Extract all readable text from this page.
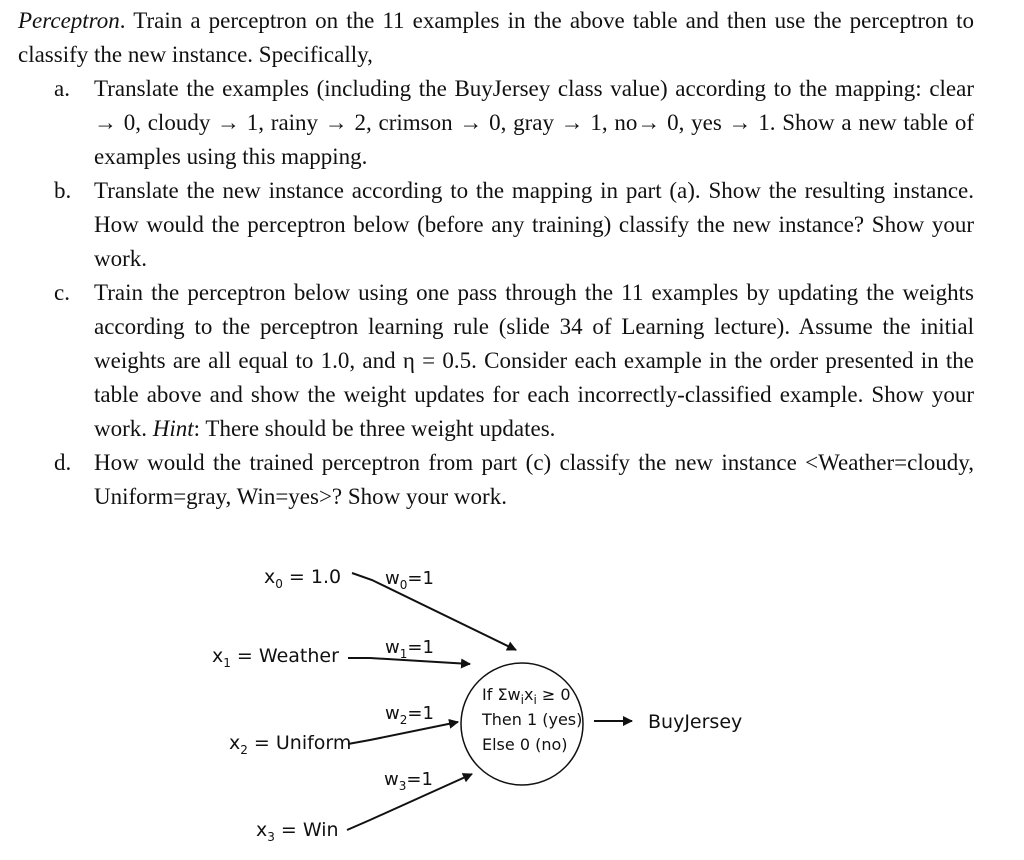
Perceptron. Train a perceptron on the 11 examples in the above table and then use the perceptron to classify the new instance. Specifically,

a. Translate the examples (including the BuyJersey class value) according to the mapping: clear → 0, cloudy → 1, rainy → 2, crimson → 0, gray → 1, no→ 0, yes → 1. Show a new table of examples using this mapping.
b. Translate the new instance according to the mapping in part (a). Show the resulting instance. How would the perceptron below (before any training) classify the new instance? Show your work.
c. Train the perceptron below using one pass through the 11 examples by updating the weights according to the perceptron learning rule (slide 34 of Learning lecture). Assume the initial weights are all equal to 1.0, and η = 0.5. Consider each example in the order presented in the table above and show the weight updates for each incorrectly-classified example. Show your work. Hint: There should be three weight updates.
d. How would the trained perceptron from part (c) classify the new instance <Weather=cloudy, Uniform=gray, Win=yes>? Show your work.
$x_0 = 1.0$
$x_1$ = Weather
$x_2$ = Uniform
$x_3$ = Win
$w_0=1$
$w_1=1$
$w_2=1$
$w_3=1$
If $\Sigma w_ix_i \ge 0$
Then 1 (yes)
Else 0 (no)
BuyJersey
